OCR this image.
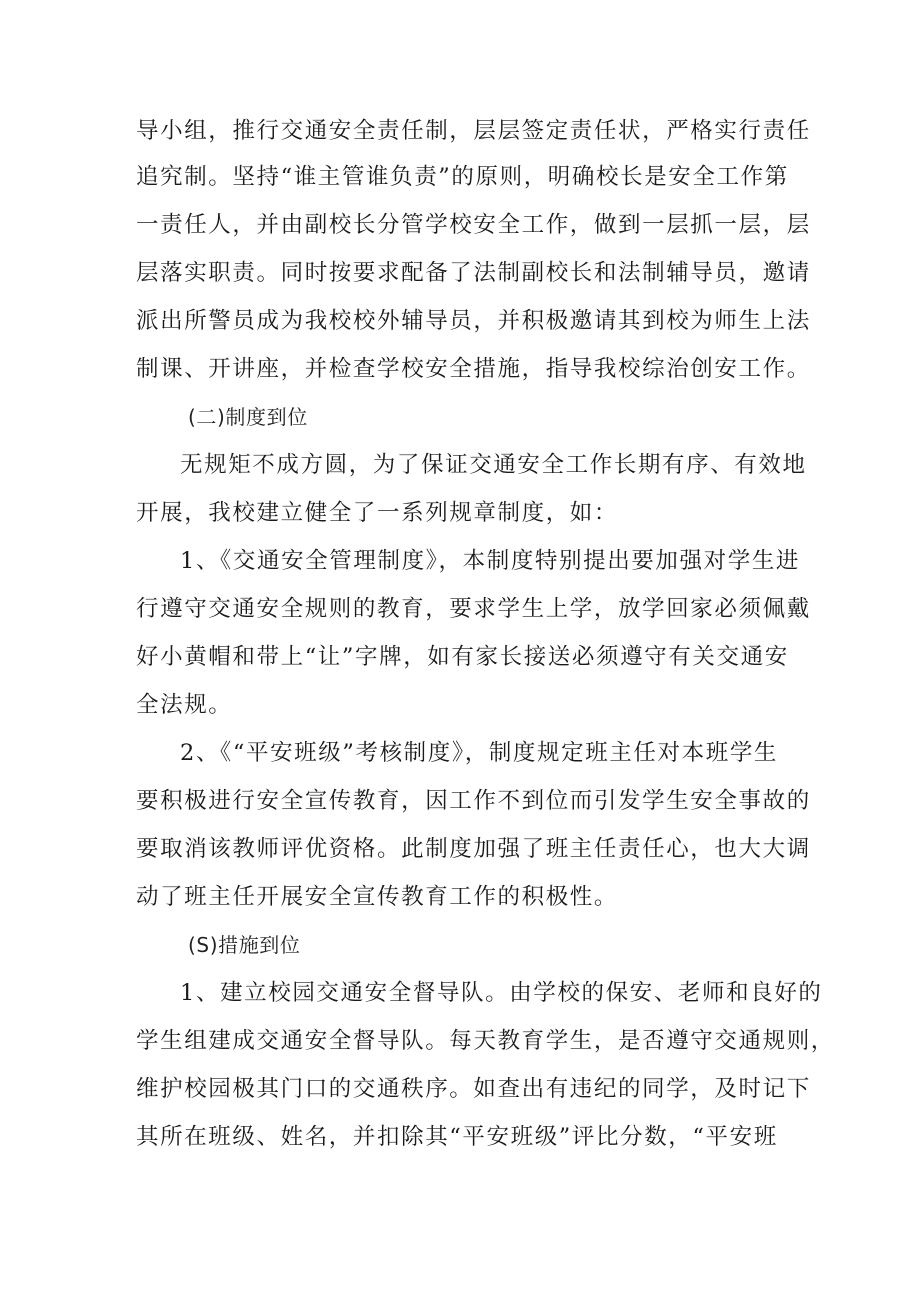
导小组，推行交通安全责任制，层层签定责任状，严格实行责任
追究制。坚持“谁主管谁负责”的原则，明确校长是安全工作第
一责任人，并由副校长分管学校安全工作，做到一层抓一层，层
层落实职责。同时按要求配备了法制副校长和法制辅导员，邀请
派出所警员成为我校校外辅导员，并积极邀请其到校为师生上法
制课、开讲座，并检查学校安全措施，指导我校综治创安工作。
(二)制度到位
无规矩不成方圆，为了保证交通安全工作长期有序、有效地
开展，我校建立健全了一系列规章制度，如：
1、《交通安全管理制度》，本制度特别提出要加强对学生进
行遵守交通安全规则的教育，要求学生上学，放学回家必须佩戴
好小黄帽和带上“让”字牌，如有家长接送必须遵守有关交通安
全法规。
2、《“平安班级”考核制度》，制度规定班主任对本班学生
要积极进行安全宣传教育，因工作不到位而引发学生安全事故的
要取消该教师评优资格。此制度加强了班主任责任心，也大大调
动了班主任开展安全宣传教育工作的积极性。
(S)措施到位
1、建立校园交通安全督导队。由学校的保安、老师和良好的
学生组建成交通安全督导队。每天教育学生，是否遵守交通规则，
维护校园极其门口的交通秩序。如查出有违纪的同学，及时记下
其所在班级、姓名，并扣除其“平安班级”评比分数，“平安班
